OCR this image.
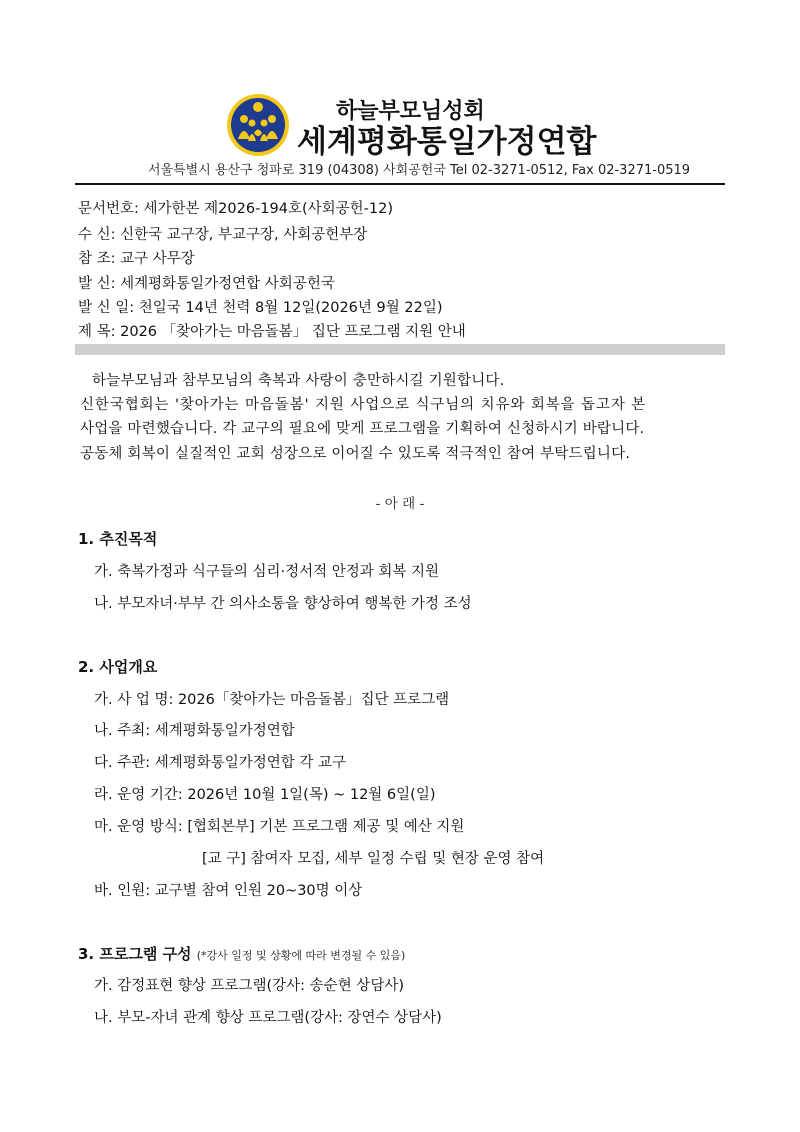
하늘부모님성회
세계평화통일가정연합
서울특별시 용산구 청파로 319 (04308) 사회공헌국 Tel 02-3271-0512, Fax 02-3271-0519
문서번호: 세가한본 제2026-194호(사회공헌-12)
수 신: 신한국 교구장, 부교구장, 사회공헌부장
참 조: 교구 사무장
발 신: 세계평화통일가정연합 사회공헌국
발 신 일: 천일국 14년 천력 8월 12일(2026년 9월 22일)
제 목: 2026 「찾아가는 마음돌봄」 집단 프로그램 지원 안내
하늘부모님과 참부모님의 축복과 사랑이 충만하시길 기원합니다.
신한국협회는 '찾아가는 마음돌봄' 지원 사업으로 식구님의 치유와 회복을 돕고자 본
사업을 마련했습니다. 각 교구의 필요에 맞게 프로그램을 기획하여 신청하시기 바랍니다.
공동체 회복이 실질적인 교회 성장으로 이어질 수 있도록 적극적인 참여 부탁드립니다.
- 아 래 -
1. 추진목적
가. 축복가정과 식구들의 심리·정서적 안정과 회복 지원
나. 부모자녀·부부 간 의사소통을 향상하여 행복한 가정 조성
2. 사업개요
가. 사 업 명: 2026「찾아가는 마음돌봄」집단 프로그램
나. 주최: 세계평화통일가정연합
다. 주관: 세계평화통일가정연합 각 교구
라. 운영 기간: 2026년 10월 1일(목) ~ 12월 6일(일)
마. 운영 방식: [협회본부] 기본 프로그램 제공 및 예산 지원
[교 구] 참여자 모집, 세부 일정 수립 및 현장 운영 참여
바. 인원: 교구별 참여 인원 20~30명 이상
3. 프로그램 구성 (*강사 일정 및 상황에 따라 변경될 수 있음)
가. 감정표현 향상 프로그램(강사: 송순현 상담사)
나. 부모-자녀 관계 향상 프로그램(강사: 장연수 상담사)
